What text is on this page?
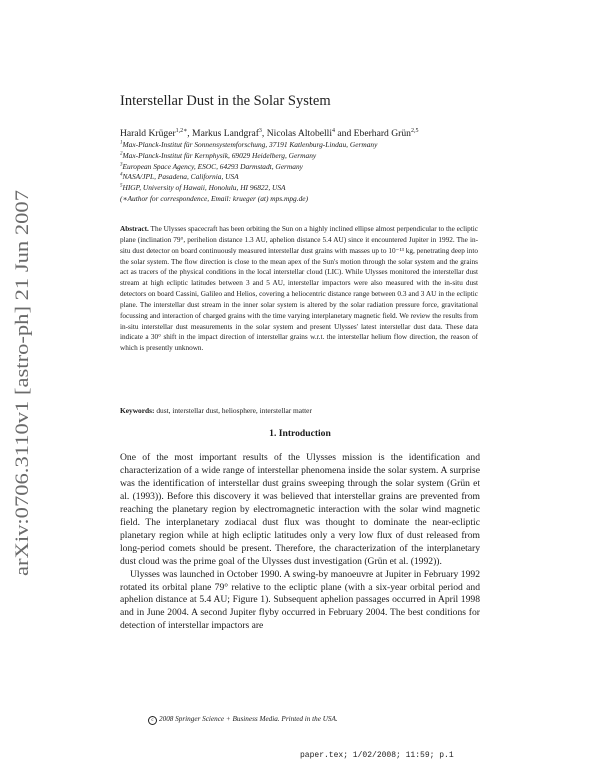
arXiv:0706.3110v1 [astro-ph] 21 Jun 2007
Interstellar Dust in the Solar System
Harald Krüger$^{1,2∗}$, Markus Landgraf$^3$, Nicolas Altobelli$^4$ and Eberhard Grün$^{2,5}$
$^1$Max-Planck-Institut für Sonnensystemforschung, 37191 Katlenburg-Lindau, Germany
$^2$Max-Planck-Institut für Kernphysik, 69029 Heidelberg, Germany
$^3$European Space Agency, ESOC, 64293 Darmstadt, Germany
$^4$NASA/JPL, Pasadena, California, USA
$^5$HIGP, University of Hawaii, Honolulu, HI 96822, USA
(∗Author for correspondence, Email: krueger (at) mps.mpg.de)
Abstract. The Ulysses spacecraft has been orbiting the Sun on a highly inclined ellipse almost perpendicular to the ecliptic plane (inclination 79°, perihelion distance 1.3 AU, aphelion distance 5.4 AU) since it encountered Jupiter in 1992. The in-situ dust detector on board continuously measured interstellar dust grains with masses up to 10⁻¹³ kg, penetrating deep into the solar system. The flow direction is close to the mean apex of the Sun's motion through the solar system and the grains act as tracers of the physical conditions in the local interstellar cloud (LIC). While Ulysses monitored the interstellar dust stream at high ecliptic latitudes between 3 and 5 AU, interstellar impactors were also measured with the in-situ dust detectors on board Cassini, Galileo and Helios, covering a heliocentric distance range between 0.3 and 3 AU in the ecliptic plane. The interstellar dust stream in the inner solar system is altered by the solar radiation pressure force, gravitational focussing and interaction of charged grains with the time varying interplanetary magnetic field. We review the results from in-situ interstellar dust measurements in the solar system and present Ulysses' latest interstellar dust data. These data indicate a 30° shift in the impact direction of interstellar grains w.r.t. the interstellar helium flow direction, the reason of which is presently unknown.
Keywords: dust, interstellar dust, heliosphere, interstellar matter
1. Introduction

One of the most important results of the Ulysses mission is the identification and characterization of a wide range of interstellar phenomena inside the solar system. A surprise was the identification of interstellar dust grains sweeping through the solar system (Grün et al. (1993)). Before this discovery it was believed that interstellar grains are prevented from reaching the planetary region by electromagnetic interaction with the solar wind magnetic field. The interplanetary zodiacal dust flux was thought to dominate the near-ecliptic planetary region while at high ecliptic latitudes only a very low flux of dust released from long-period comets should be present. Therefore, the characterization of the interplanetary dust cloud was the prime goal of the Ulysses dust investigation (Grün et al. (1992)).

Ulysses was launched in October 1990. A swing-by manoeuvre at Jupiter in February 1992 rotated its orbital plane 79° relative to the ecliptic plane (with a six-year orbital period and aphelion distance at 5.4 AU; Figure 1). Subsequent aphelion passages occurred in April 1998 and in June 2004. A second Jupiter flyby occurred in February 2004. The best conditions for detection of interstellar impactors are

c 2008 Springer Science + Business Media. Printed in the USA.
paper.tex; 1/02/2008; 11:59; p.1
